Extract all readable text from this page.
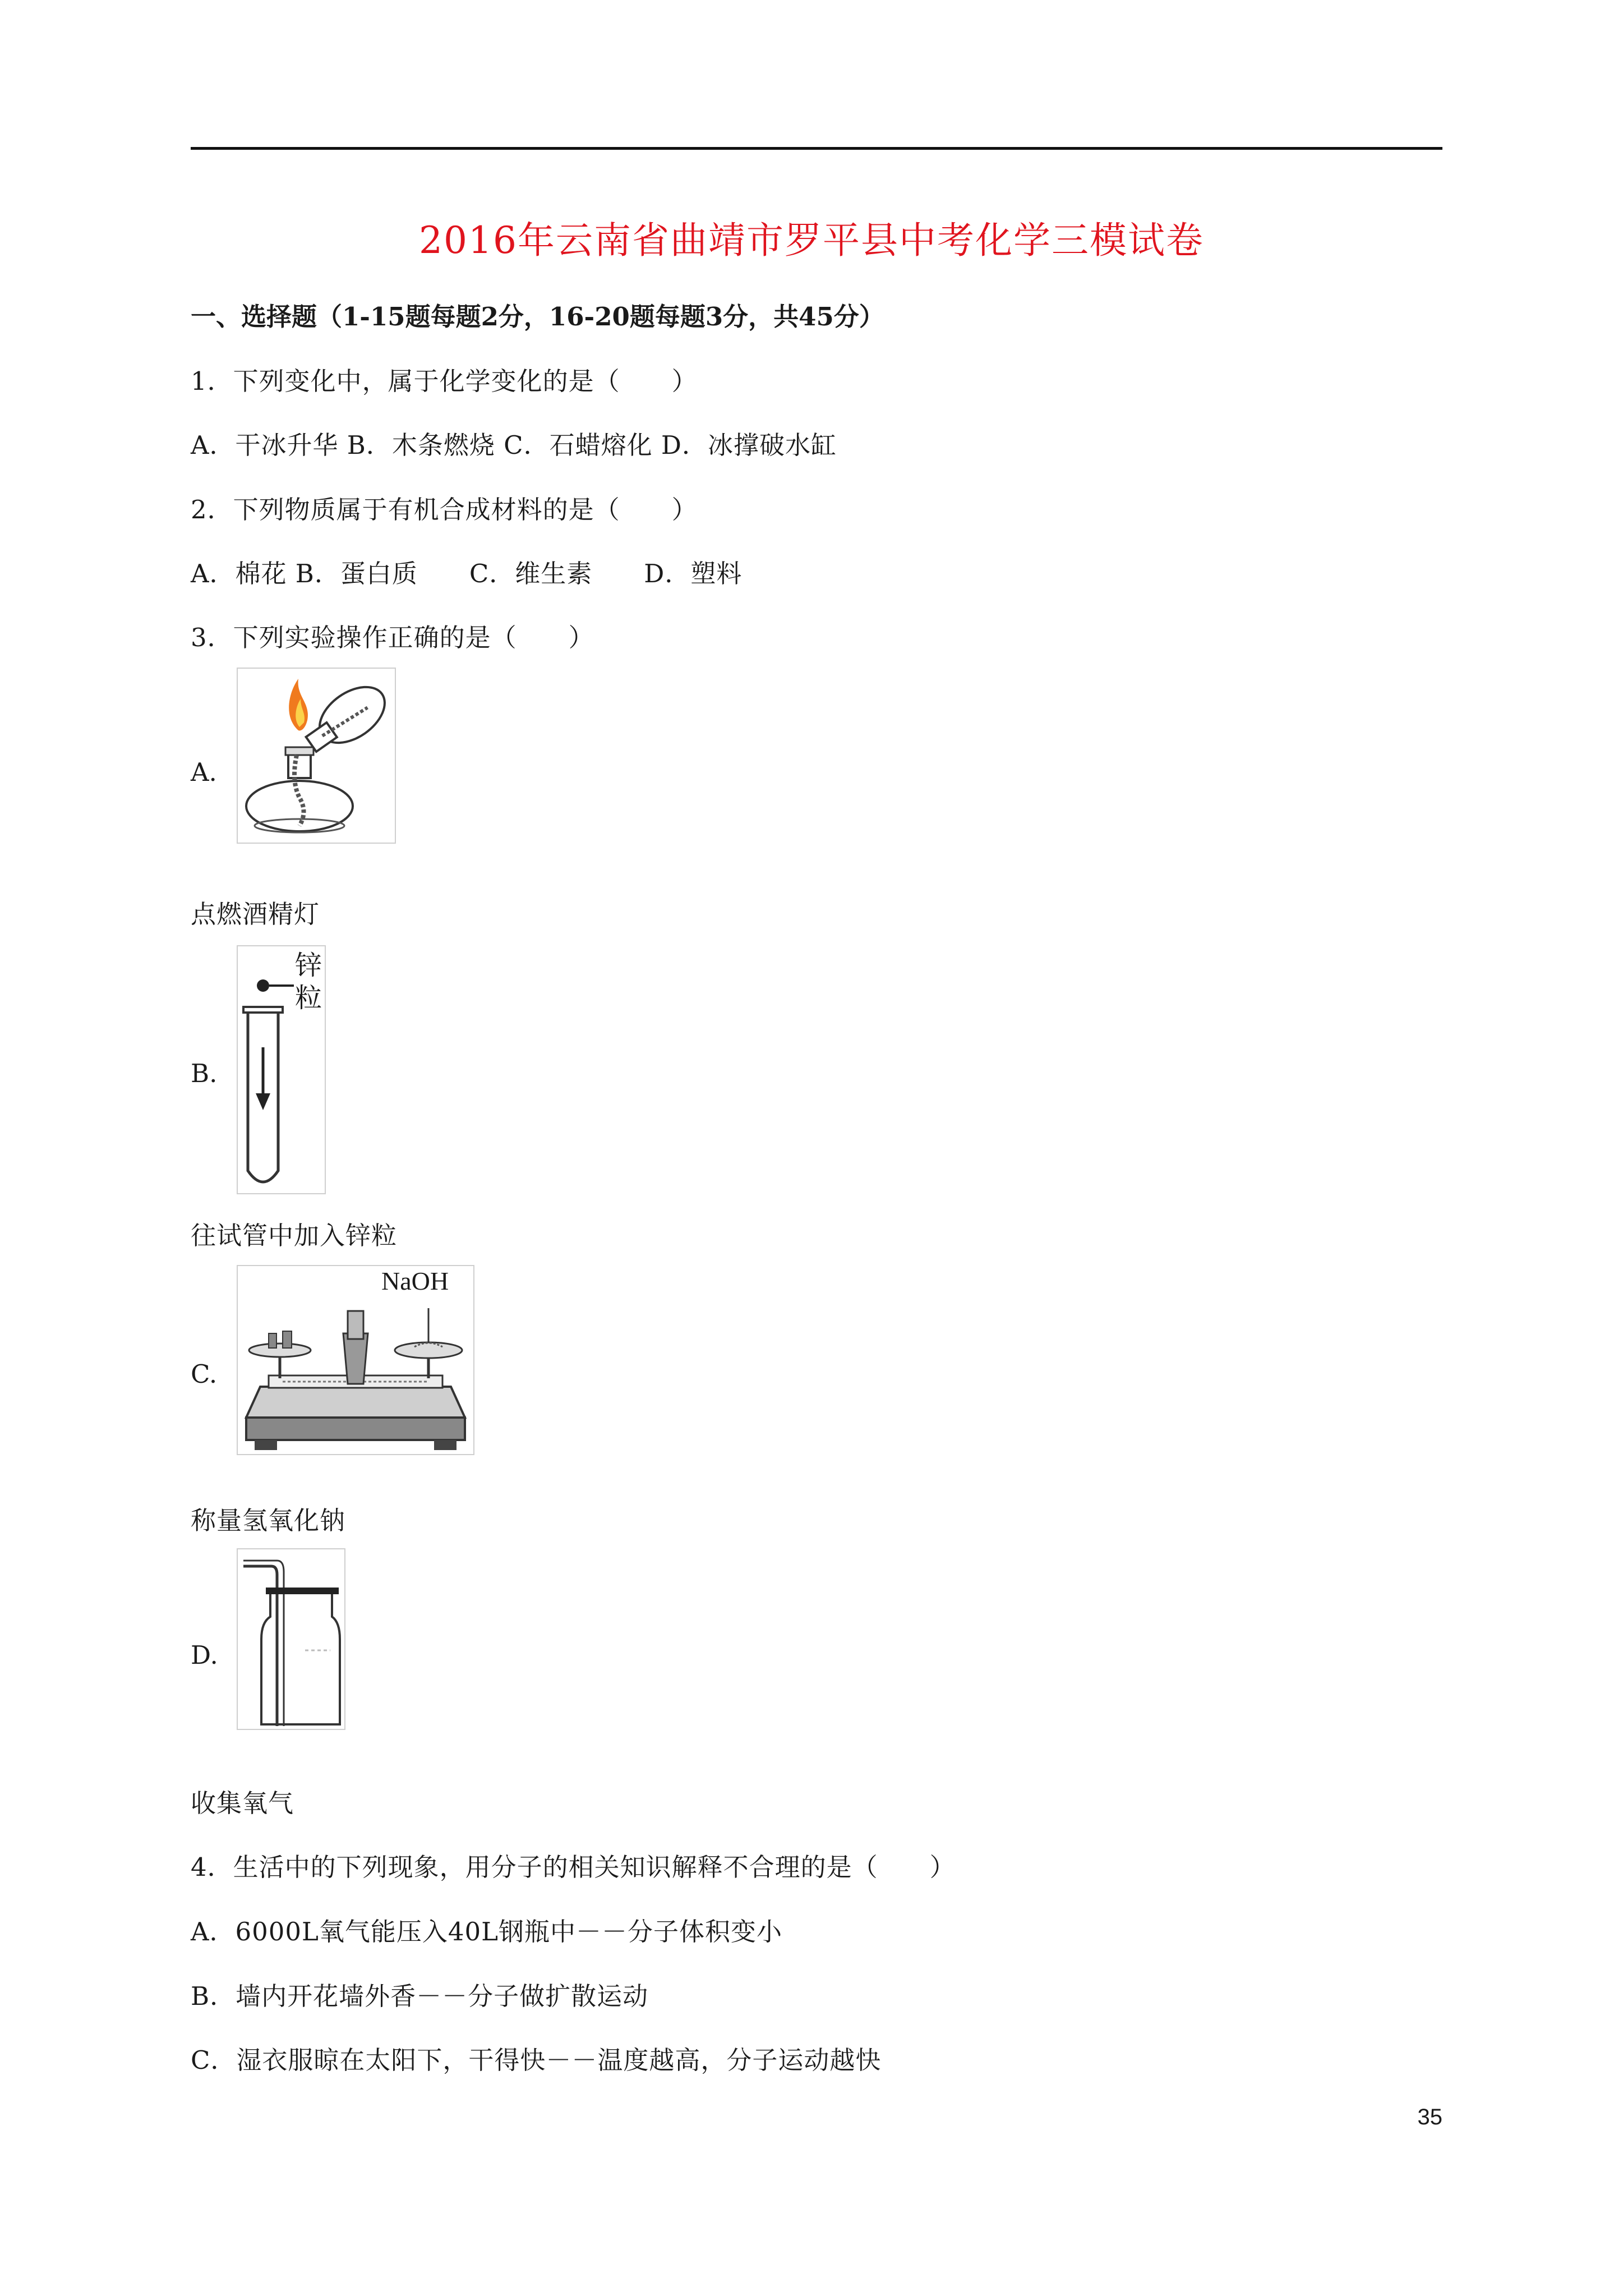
2016年云南省曲靖市罗平县中考化学三模试卷
一、选择题（1-15题每题2分，16-20题每题3分，共45分）
1．下列变化中，属于化学变化的是（　　）
A．干冰升华 B．木条燃烧 C．石蜡熔化 D．冰撑破水缸
2．下列物质属于有机合成材料的是（　　）
A．棉花 B．蛋白质　　C．维生素　　D．塑料
3．下列实验操作正确的是（　　）
A.
点燃酒精灯
B.
锌粒
往试管中加入锌粒
C.
NaOH
称量氢氧化钠
D.
收集氧气
4．生活中的下列现象，用分子的相关知识解释不合理的是（　　）
A．6000L氧气能压入40L钢瓶中－－分子体积变小
B．墙内开花墙外香－－分子做扩散运动
C．湿衣服晾在太阳下，干得快－－温度越高，分子运动越快
35
